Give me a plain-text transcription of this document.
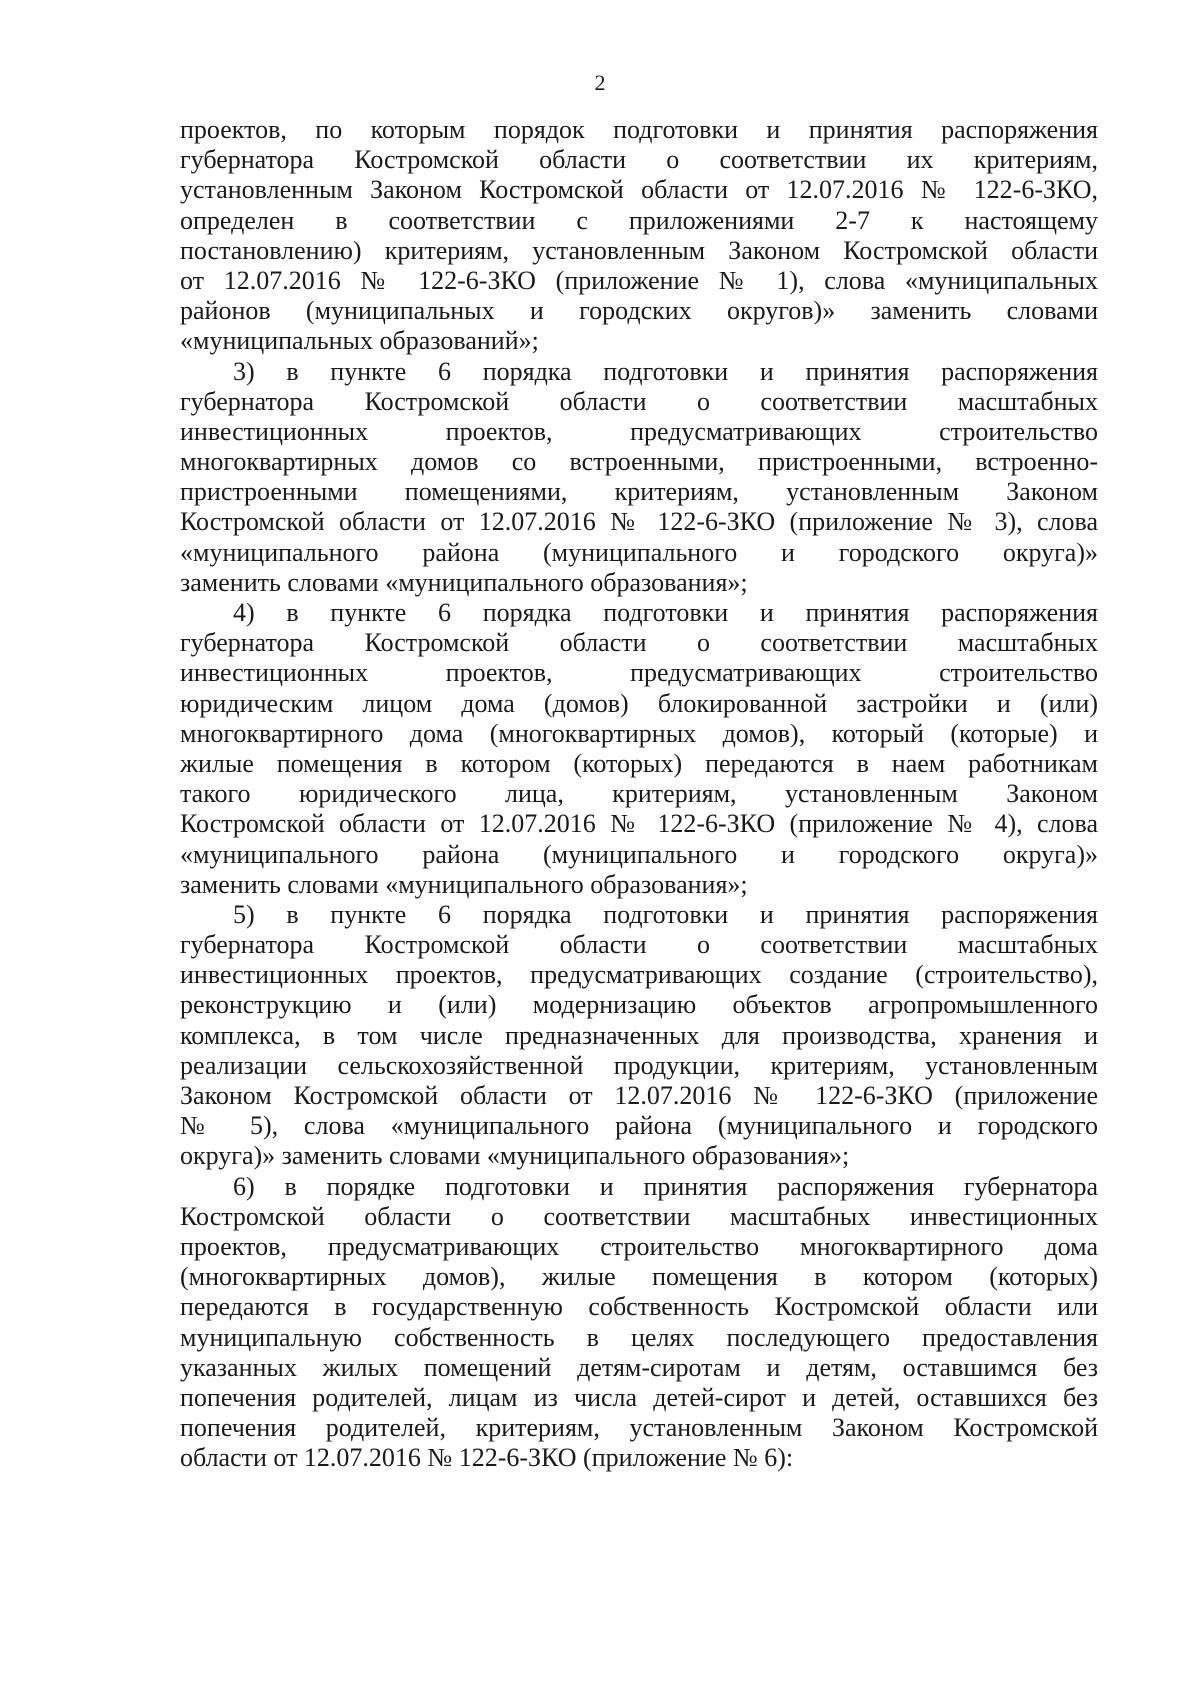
2
проектов, по которым порядок подготовки и принятия распоряжения
губернатора Костромской области о соответствии их критериям,
установленным Законом Костромской области от 12.07.2016 № 122-6-ЗКО,
определен в соответствии с приложениями 2-7 к настоящему
постановлению) критериям, установленным Законом Костромской области
от 12.07.2016 № 122-6-ЗКО (приложение № 1), слова «муниципальных
районов (муниципальных и городских округов)» заменить словами
«муниципальных образований»;
3) в пункте 6 порядка подготовки и принятия распоряжения
губернатора Костромской области о соответствии масштабных
инвестиционных проектов, предусматривающих строительство
многоквартирных домов со встроенными, пристроенными, встроенно-
пристроенными помещениями, критериям, установленным Законом
Костромской области от 12.07.2016 № 122-6-ЗКО (приложение № 3), слова
«муниципального района (муниципального и городского округа)»
заменить словами «муниципального образования»;
4) в пункте 6 порядка подготовки и принятия распоряжения
губернатора Костромской области о соответствии масштабных
инвестиционных проектов, предусматривающих строительство
юридическим лицом дома (домов) блокированной застройки и (или)
многоквартирного дома (многоквартирных домов), который (которые) и
жилые помещения в котором (которых) передаются в наем работникам
такого юридического лица, критериям, установленным Законом
Костромской области от 12.07.2016 № 122-6-ЗКО (приложение № 4), слова
«муниципального района (муниципального и городского округа)»
заменить словами «муниципального образования»;
5) в пункте 6 порядка подготовки и принятия распоряжения
губернатора Костромской области о соответствии масштабных
инвестиционных проектов, предусматривающих создание (строительство),
реконструкцию и (или) модернизацию объектов агропромышленного
комплекса, в том числе предназначенных для производства, хранения и
реализации сельскохозяйственной продукции, критериям, установленным
Законом Костромской области от 12.07.2016 № 122-6-ЗКО (приложение
№ 5), слова «муниципального района (муниципального и городского
округа)» заменить словами «муниципального образования»;
6) в порядке подготовки и принятия распоряжения губернатора
Костромской области о соответствии масштабных инвестиционных
проектов, предусматривающих строительство многоквартирного дома
(многоквартирных домов), жилые помещения в котором (которых)
передаются в государственную собственность Костромской области или
муниципальную собственность в целях последующего предоставления
указанных жилых помещений детям-сиротам и детям, оставшимся без
попечения родителей, лицам из числа детей-сирот и детей, оставшихся без
попечения родителей, критериям, установленным Законом Костромской
области от 12.07.2016 № 122-6-ЗКО (приложение № 6):
